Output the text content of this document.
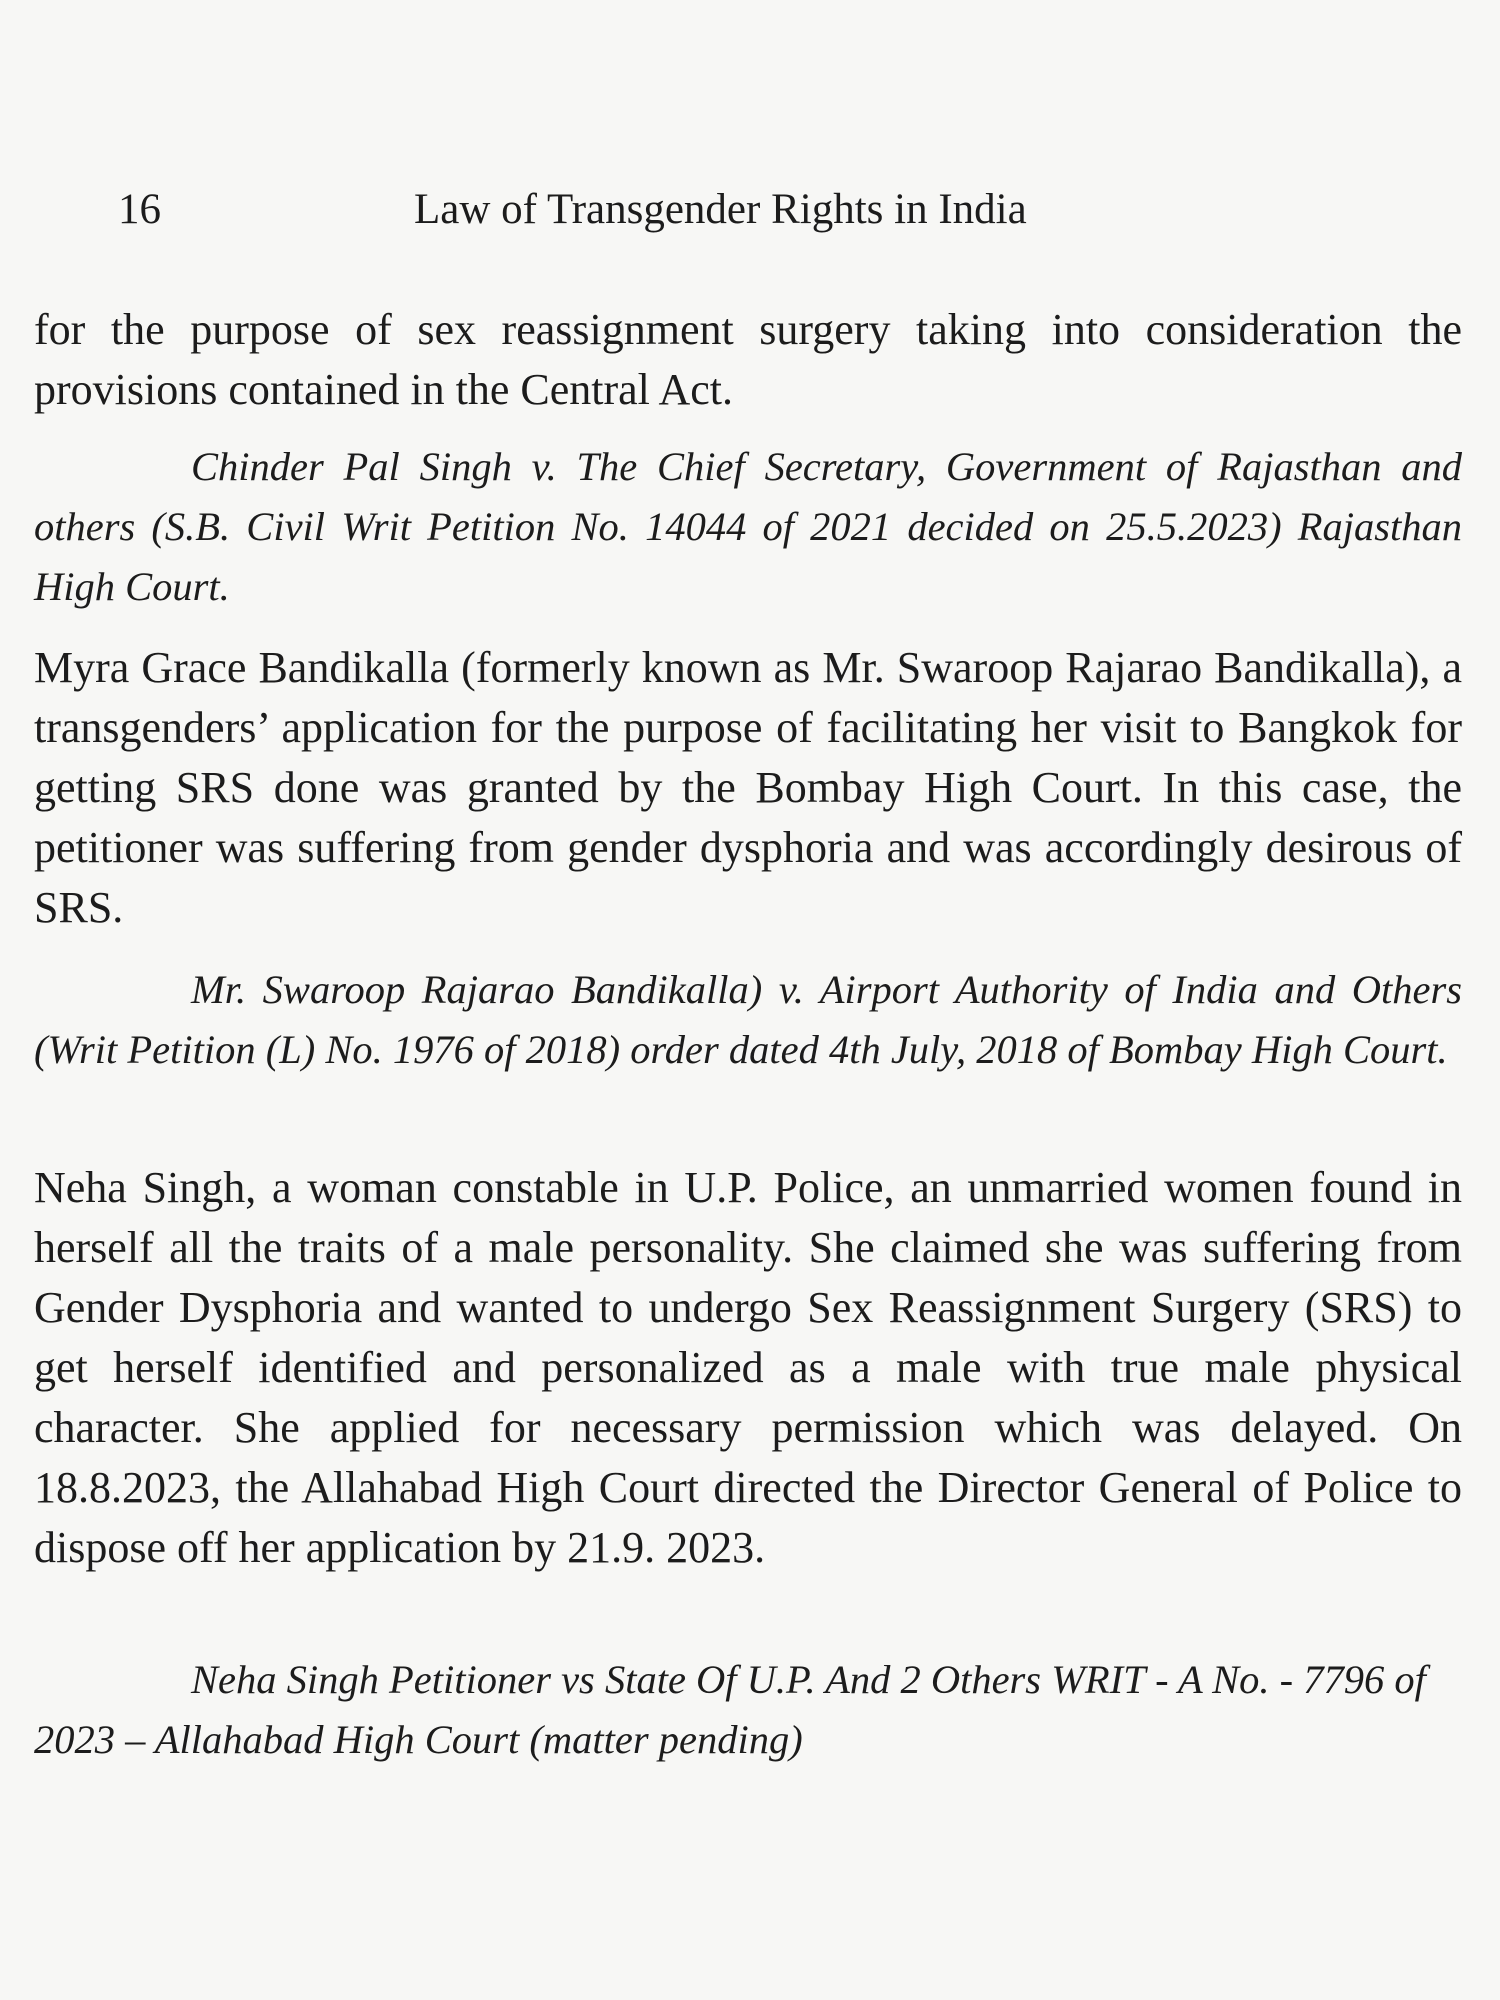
16	Law of Transgender Rights in India

for the purpose of sex reassignment surgery taking into consideration the provisions contained in the Central Act.

Chinder Pal Singh v. The Chief Secretary, Government of Rajasthan and others (S.B. Civil Writ Petition No. 14044 of 2021 decided on 25.5.2023) Rajasthan High Court.

Myra Grace Bandikalla (formerly known as Mr. Swaroop Rajarao Bandikalla), a transgenders’ application for the purpose of facilitating her visit to Bangkok for getting SRS done was granted by the Bombay High Court. In this case, the petitioner was suffering from gender dysphoria and was accordingly desirous of SRS.

Mr. Swaroop Rajarao Bandikalla) v. Airport Authority of India and Others (Writ Petition (L) No. 1976 of 2018) order dated 4th July, 2018 of Bombay High Court.

Neha Singh, a woman constable in U.P. Police, an unmarried women found in herself all the traits of a male personality. She claimed she was suffering from Gender Dysphoria and wanted to undergo Sex Reassignment Surgery (SRS) to get herself identified and personalized as a male with true male physical character. She applied for necessary permission which was delayed. On 18.8.2023, the Allahabad High Court directed the Director General of Police to dispose off her application by 21.9. 2023.

Neha Singh Petitioner vs State Of U.P. And 2 Others WRIT - A No. - 7796 of 2023 – Allahabad High Court (matter pending)
